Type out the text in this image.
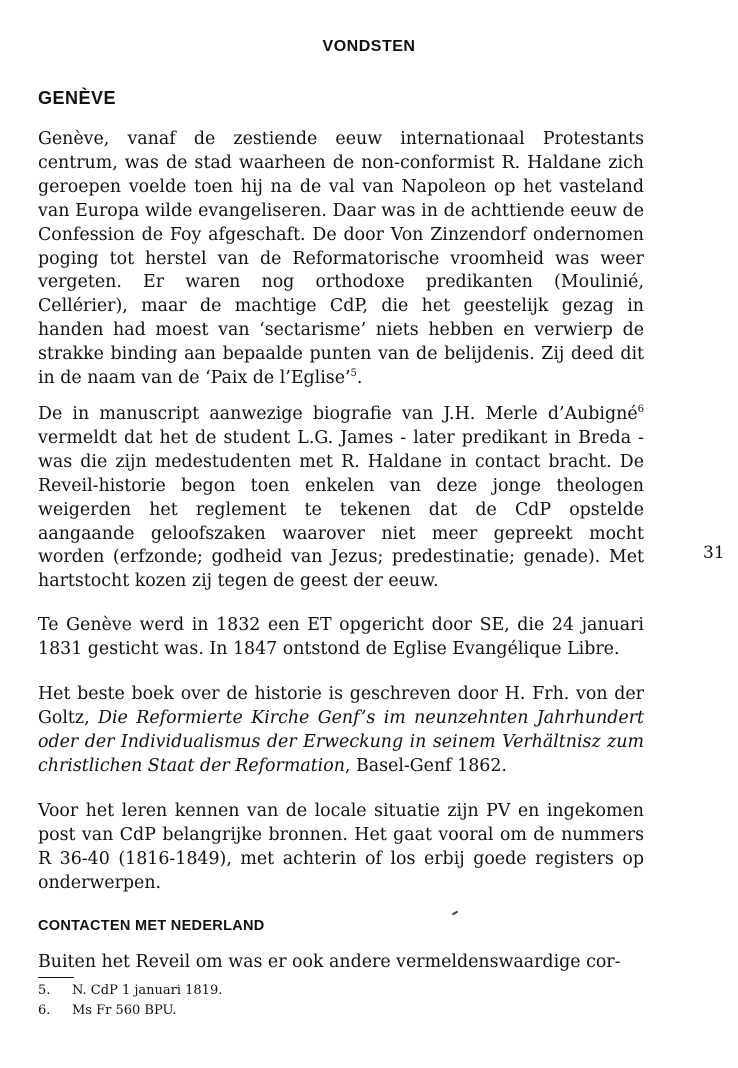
VONDSTEN
GENÈVE

Genève, vanaf de zestiende eeuw internationaal Protestants centrum, was de stad waarheen de non-conformist R. Haldane zich geroepen voelde toen hij na de val van Napoleon op het vasteland van Europa wilde evangeliseren. Daar was in de achttiende eeuw de Confession de Foy afgeschaft. De door Von Zinzendorf ondernomen poging tot herstel van de Reformatorische vroomheid was weer vergeten. Er waren nog orthodoxe predikanten (Moulinié, Cellérier), maar de machtige CdP, die het geestelijk gezag in handen had moest van ‘sectarisme’ niets hebben en verwierp de strakke binding aan bepaalde punten van de belijdenis. Zij deed dit in de naam van de ‘Paix de l’Eglise’$^5$.

De in manuscript aanwezige biografie van J.H. Merle d’Aubigné$^6$ vermeldt dat het de student L.G. James - later predikant in Breda - was die zijn medestudenten met R. Haldane in contact bracht. De Reveil-historie begon toen enkelen van deze jonge theologen weigerden het reglement te tekenen dat de CdP opstelde aangaande geloofszaken waarover niet meer gepreekt mocht worden (erfzonde; godheid van Jezus; predestinatie; genade). Met hartstocht kozen zij tegen de geest der eeuw.

Te Genève werd in 1832 een ET opgericht door SE, die 24 januari 1831 gesticht was. In 1847 ontstond de Eglise Evangélique Libre.

Het beste boek over de historie is geschreven door H. Frh. von der Goltz, Die Reformierte Kirche Genf’s im neunzehnten Jahrhundert oder der Individualismus der Erweckung in seinem Verhältnisz zum christlichen Staat der Reformation, Basel-Genf 1862.

Voor het leren kennen van de locale situatie zijn PV en ingekomen post van CdP belangrijke bronnen. Het gaat vooral om de nummers R 36-40 (1816-1849), met achterin of los erbij goede registers op onderwerpen.

CONTACTEN MET NEDERLAND

Buiten het Reveil om was er ook andere vermeldenswaardige cor-

5. N. CdP 1 januari 1819.
6. Ms Fr 560 BPU.
31
